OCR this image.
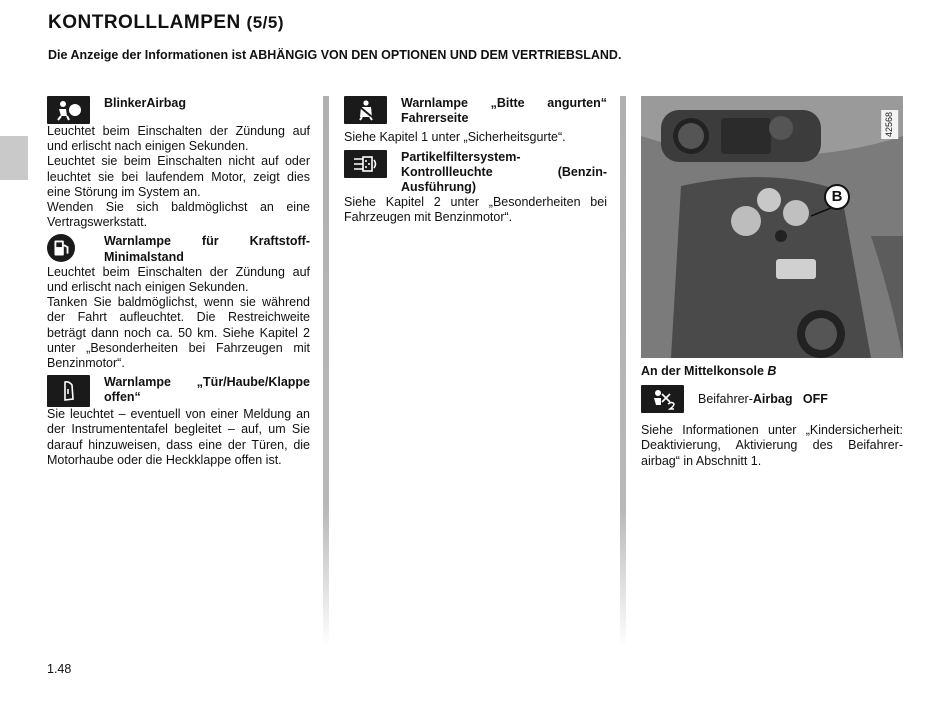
KONTROLLLAMPEN (5/5)
Die Anzeige der Informationen ist ABHÄNGIG VON DEN OPTIONEN UND DEM VERTRIEBSLAND.
BlinkerAirbag

Leuchtet beim Einschalten der Zündung auf und erlischt nach einigen Sekunden.

Leuchtet sie beim Einschalten nicht auf oder leuchtet sie bei laufendem Motor, zeigt dies eine Störung im System an.

Wenden Sie sich baldmöglichst an eine Vertragswerkstatt.

Warnlampe für Kraftstoff-Minimalstand

Leuchtet beim Einschalten der Zündung auf und erlischt nach einigen Sekunden.

Tanken Sie baldmöglichst, wenn sie während der Fahrt aufleuchtet. Die Restreichweite beträgt dann noch ca. 50 km. Siehe Kapitel 2 unter „Besonderheiten bei Fahrzeugen mit Benzinmotor“.

Warnlampe „Tür/Haube/Klappe offen“

Sie leuchtet – eventuell von einer Meldung an der Instrumententafel begleitet – auf, um Sie darauf hinzuweisen, dass eine der Türen, die Motorhaube oder die Heckklappe offen ist.

Warnlampe „Bitte angurten“ Fahrerseite

Siehe Kapitel 1 unter „Sicherheitsgurte“.

Partikelfiltersystem-Kontrollleuchte (Benzin-Ausführung)

Siehe Kapitel 2 unter „Besonderheiten bei Fahrzeugen mit Benzinmotor“.

42568
B
An der Mittelkonsole B
Beifahrer-Airbag OFF
Siehe Informationen unter „Kindersicherheit: Deaktivierung, Aktivierung des Beifahrer-airbag“ in Abschnitt 1.
1.48
